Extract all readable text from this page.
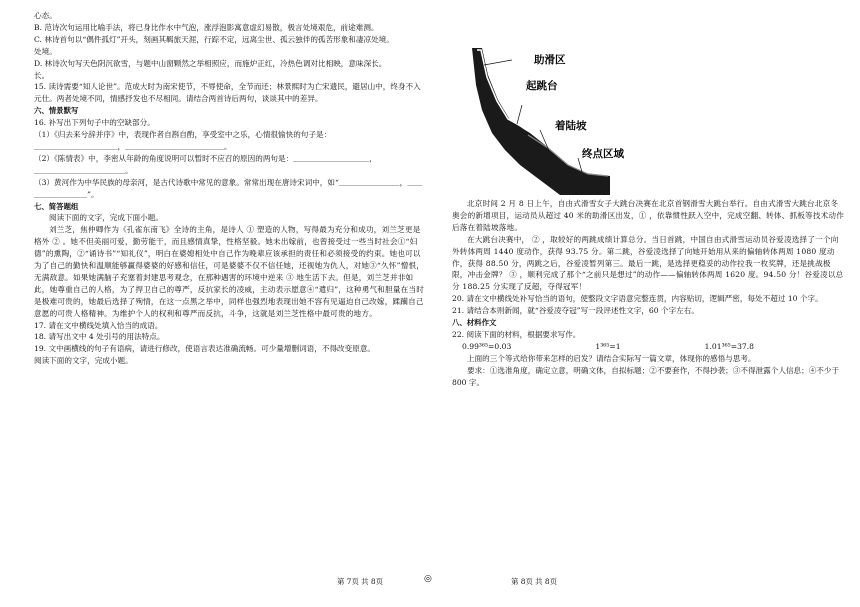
心态。

B. 范诗次句运用比喻手法，将已身比作水中气泡，涨浮泡影寓意虚幻易散，极言处境艰危，前途难测。

C. 林诗首句以“偶件孤灯”开头，刻画其羁旅天涯，行踪不定，远离尘世、孤云独伴的孤苦形象和凄凉处境。

处境。

D. 林诗次句写天色阴沉欲雪，与题中山窗颗然之举相照应，而施炉正红，冷热色调对比相映，意味深长。

长。

15. 读诗需要“知人论世”。范成大时为南宋使节，不辱使命，全节而还；林景熙时为亡宋遗民，避居山中，终身不入元仕。两者处境不同，情感抒发也不尽相同。请结合两首诗后两句，谈谈其中的差异。

六、情景默写

16. 补写出下列句子中的空缺部分。

（1）《归去来兮辞并序》中，表现作者自斟自酌，享受室中之乐，心情很愉快的句子是：

＿＿＿＿＿＿＿＿＿＿＿，＿＿＿＿＿＿＿＿＿＿＿＿＿。

（2）《陈情表》中，李密从年龄的角度说明可以暂时不应召的原因的两句是：＿＿＿＿＿＿＿＿＿＿，

＿＿＿＿＿＿＿＿＿＿＿＿。

（3）黄河作为中华民族的母亲河，是古代诗歌中常见的意象。常常出现在唐诗宋词中，如“＿＿＿＿＿＿＿＿，＿＿＿＿＿＿＿＿＿”。

七、简答题组

阅读下面的文字，完成下面小题。

刘兰芝，焦仲卿作为《孔雀东南飞》全诗的主角，是诗人 ① 塑造的人物，写得最为充分和成功，刘兰芝更是格外 ② 。她不但美丽可爱，勤劳能干，而且感情真挚，性格坚毅。她未出嫁前，也曾接受过一些当时社会①“妇德”的熏陶，②“诵诗书”“知礼仪”，明白在婆媳相处中自己作为晚辈应该承担的责任和必须接受的约束。她也可以为了自己的勤快和温顺能够赢得婆婆的好感和信任，可是婆婆不仅不信任她，还视她为仇人，对她③“久怀”憎恨，无满敌意。如果她满脑子充塞着封建思考观念，在那种遇害的环境中逆来 ③ 地生活下去。但是，刘兰芝并非如此，她尊重自己的人格，为了捍卫自己的尊严，反抗家长的凌威，主动表示愿意④“遣归”，这种勇气和胆量在当时是极难可贵的，她最后选择了殉情，在这一点黑之举中，同样也强烈地表现出她不容有见逼迫自己改嫁，蹂躏自己意愿的可贵人格精神。为维护个人的权利和尊严而反抗，斗争，这就是刘兰芝性格中最可贵的地方。

17. 请在文中横线处填入恰当的成语。

18. 请写出文中 4 处引号的用法特点。

19. 文中画横线的句子有语病，请进行修改，使语言表达准确流畅。可少量增删词语，不得改变原意。

阅读下面的文字，完成小题。

北京时间 2 月 8 日上午，自由式滑雪女子大跳台决赛在北京首钢滑雪大跳台举行。自由式滑雪大跳台北京冬奥会的新增项目，运动员从超过 40 米的助滑区出发，① ，依靠惯性跃入空中，完成空翻、转体、抓板等技术动作后落在着陆坡落地。

在大跳台决赛中， ② ，取较好的两跳成绩计算总分。当日首跳，中国自由式滑雪运动员谷爱凌选择了一个向外转体两周 1440 度动作，获得 93.75 分。第二跳，谷爱凌选择了向她开始用从来的偏轴转体两周 1080 度动作，获得 88.50 分，两跳之后，谷爱凌暂列第三。最后一跳，是选择更稳妥的动作拉我一枚奖牌，还是挑战极限，冲击金牌？ ③ ，顺利完成了那个“之前只是想过”的动作——偏轴转体两周 1620 度。94.50 分！谷爱凌以总分 188.25 分实现了反超，夺得冠军！

20. 请在文中横线处补写恰当的语句，使整段文字语意完整连贯，内容贴切，逻辑严密，每处不超过 10 个字。

21. 请结合本则新闻，就“谷爱凌夺冠”写一段评述性文字，60 个字左右。

八、材料作文

22. 阅读下面的材料，根据要求写作。

0.99³⁶⁵=0.03	1³⁶⁵=1	1.01³⁶⁵=37.8

上面的三个等式给你带来怎样的启发？请结合实际写一篇文章，体现你的感悟与思考。

要求：①选准角度，确定立意，明确文体，自拟标题；②不要套作，不得抄袭；③不得泄露个人信息；④不少于 800 字。

助滑区
起跳台
着陆坡
终点区域
第 7页 共 8页	◎	第 8页 共 8页
